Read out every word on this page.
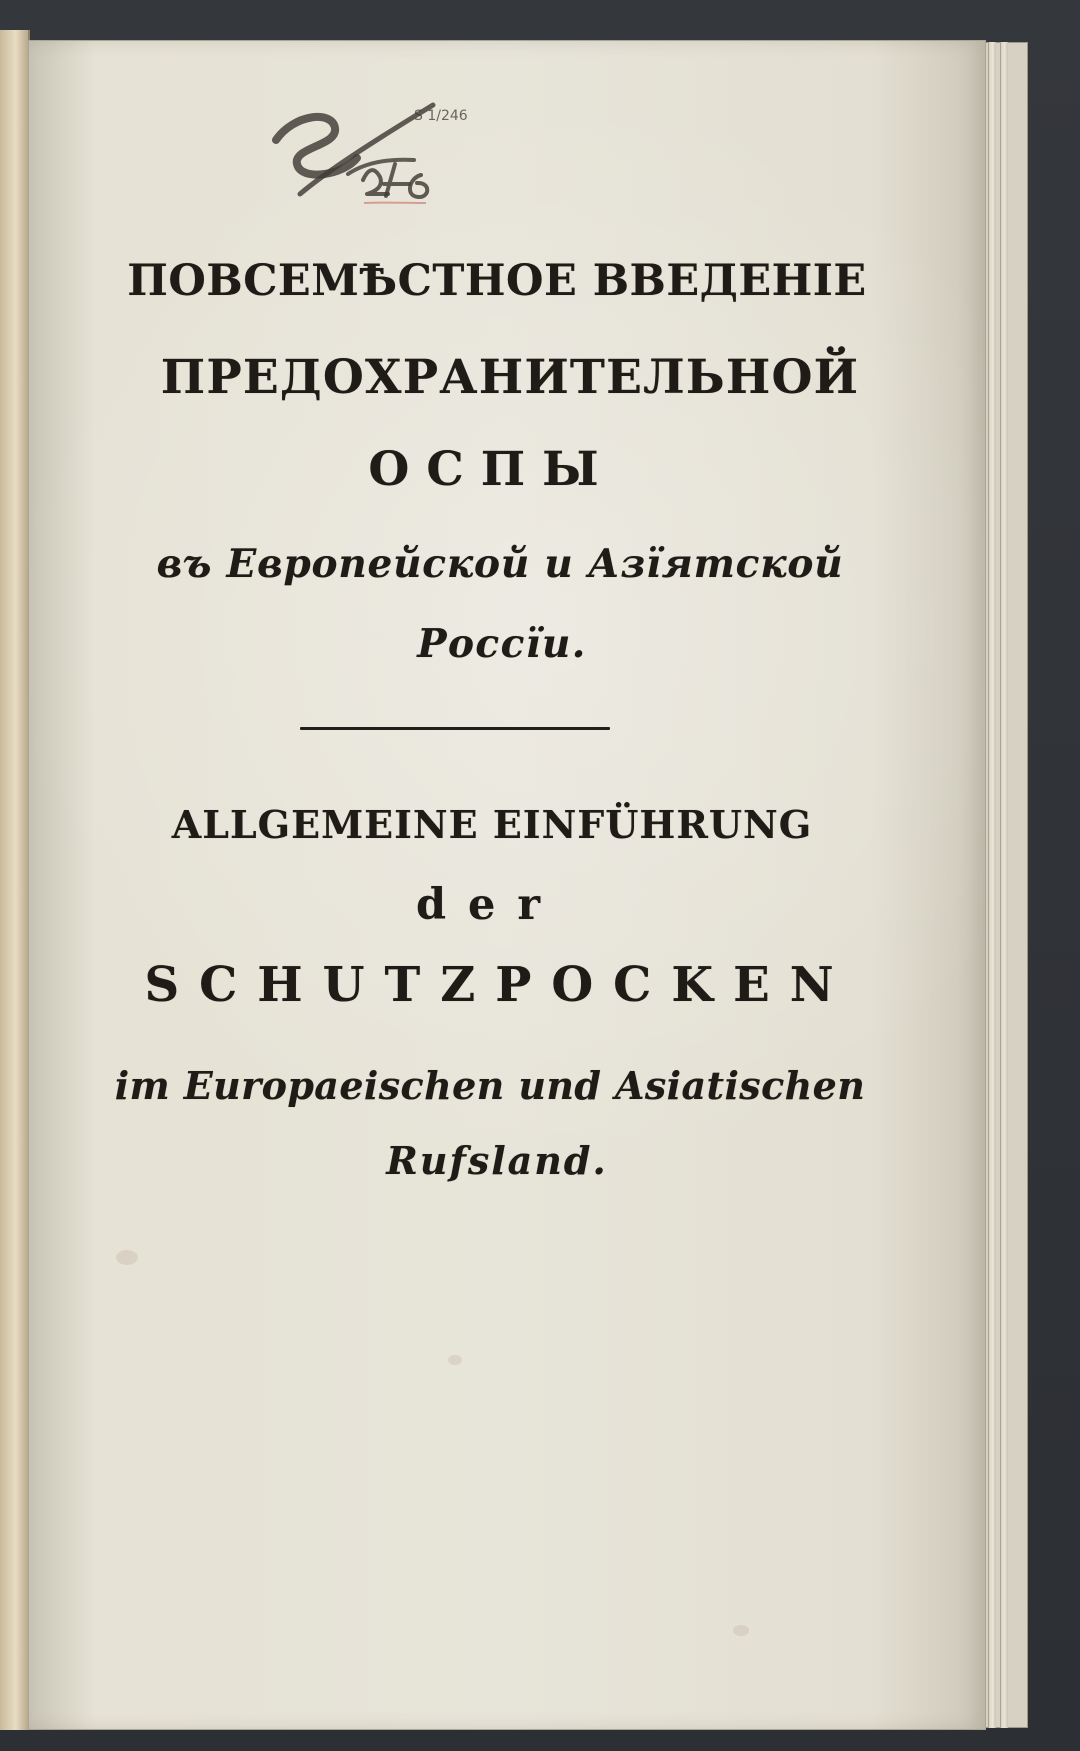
S 1/246
ПОВСЕМѢСТНОЕ ВВЕДЕНІЕ
ПРЕДОХРАНИТЕЛЬНОЙ
ОСПЫ
въ Европейской и Азїятской
Россїи.
ALLGEMEINE EINFÜHRUNG
der
SCHUTZPOCKEN
im Europaeischen und Asiatischen
Rufsland.
